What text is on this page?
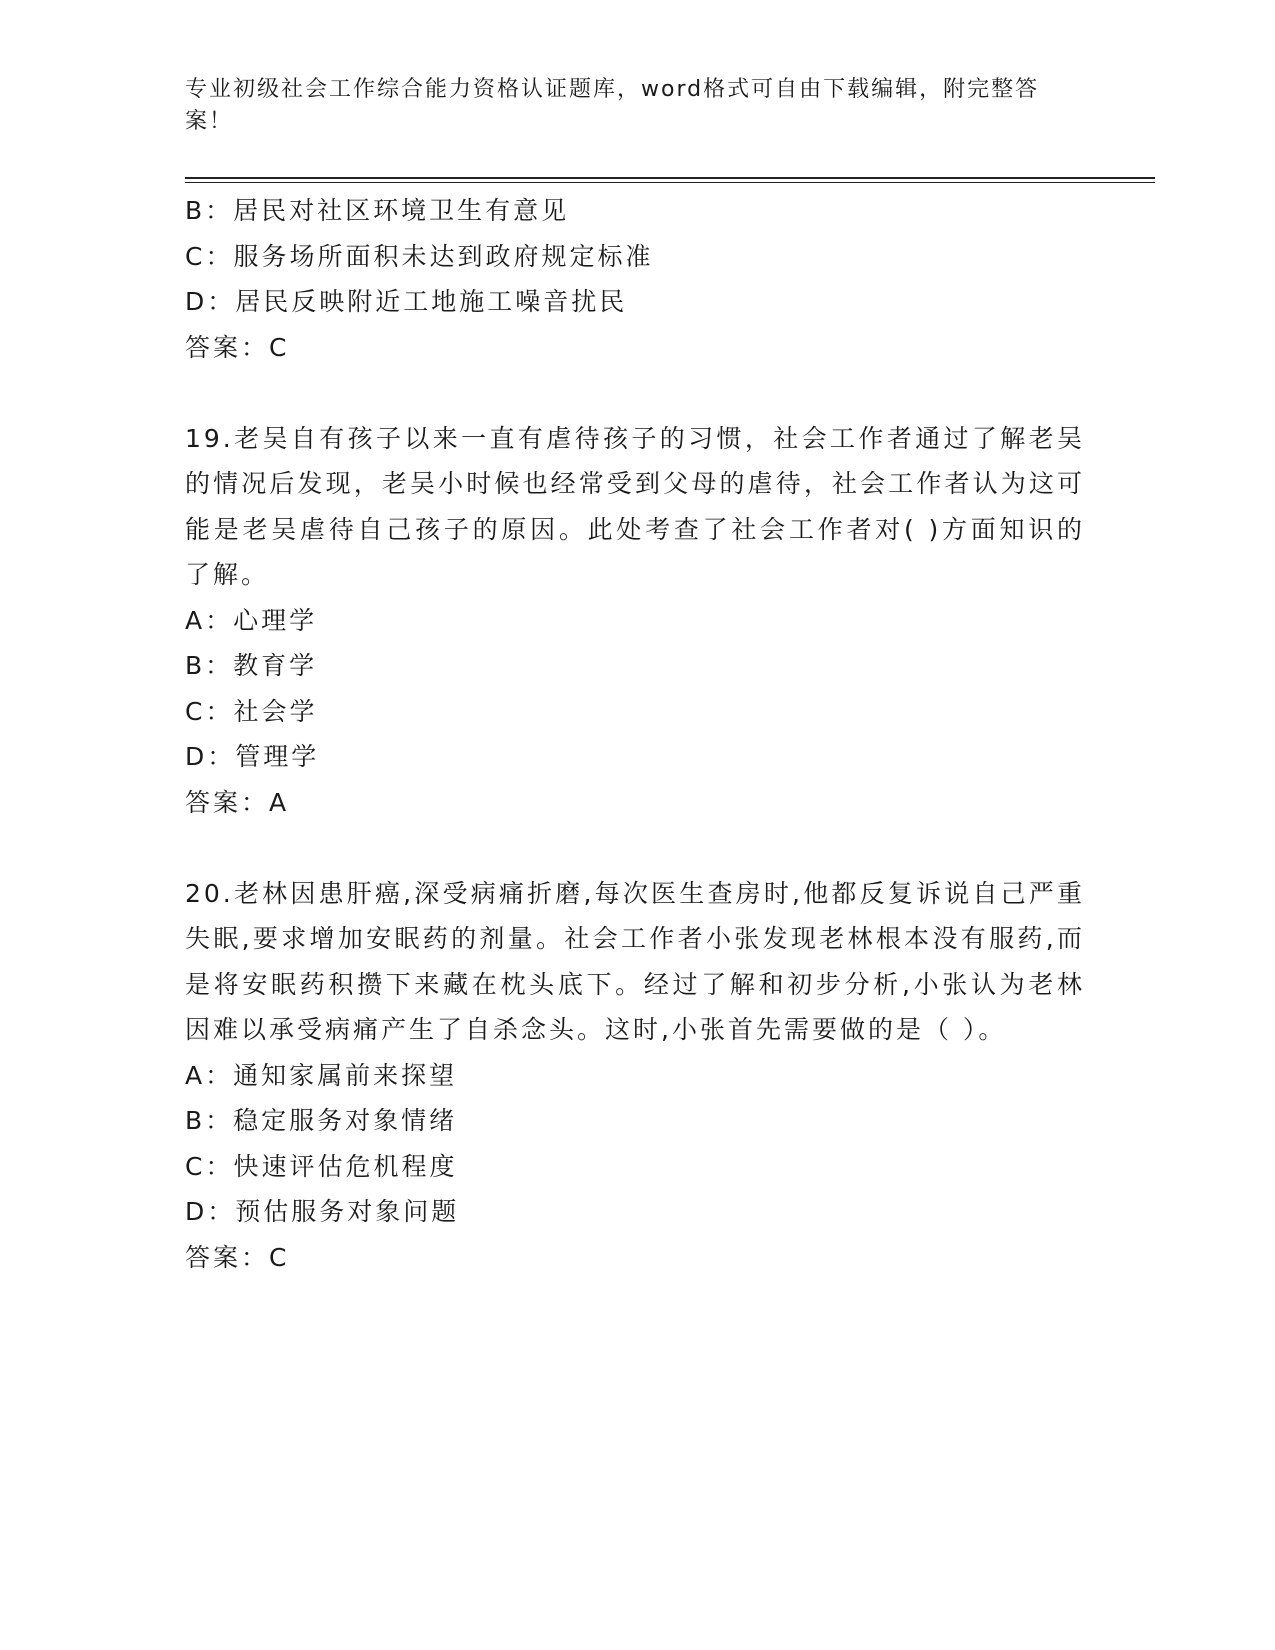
专业初级社会工作综合能力资格认证题库，word格式可自由下载编辑，附完整答案！

B：居民对社区环境卫生有意见

C：服务场所面积未达到政府规定标准

D：居民反映附近工地施工噪音扰民

答案：C

19.老吴自有孩子以来一直有虐待孩子的习惯，社会工作者通过了解老吴的情况后发现，老吴小时候也经常受到父母的虐待，社会工作者认为这可能是老吴虐待自己孩子的原因。此处考查了社会工作者对( )方面知识的了解。

A：心理学

B：教育学

C：社会学

D：管理学

答案：A

20.老林因患肝癌,深受病痛折磨,每次医生查房时,他都反复诉说自己严重失眠,要求增加安眠药的剂量。社会工作者小张发现老林根本没有服药,而是将安眠药积攒下来藏在枕头底下。经过了解和初步分析,小张认为老林因难以承受病痛产生了自杀念头。这时,小张首先需要做的是（ ）。

A：通知家属前来探望

B：稳定服务对象情绪

C：快速评估危机程度

D：预估服务对象问题

答案：C
